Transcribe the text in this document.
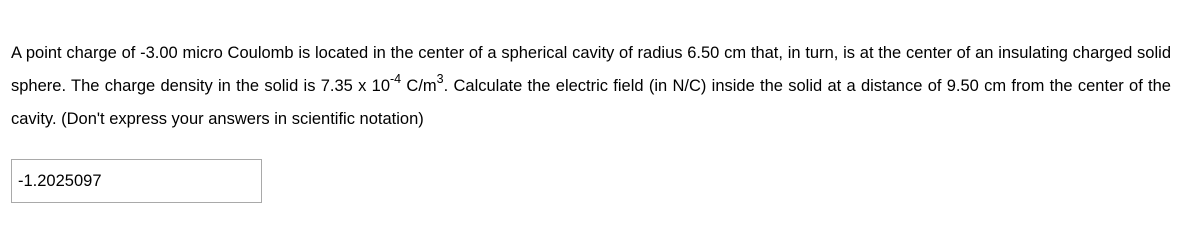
A point charge of -3.00 micro Coulomb is located in the center of a spherical cavity of radius 6.50 cm that, in turn, is at the center of an insulating charged solid sphere. The charge density in the solid is 7.35 x $10^{-4}$ $C/m^3$. Calculate the electric field (in N/C) inside the solid at a distance of 9.50 cm from the center of the cavity. (Don't express your answers in scientific notation)
-1.2025097
